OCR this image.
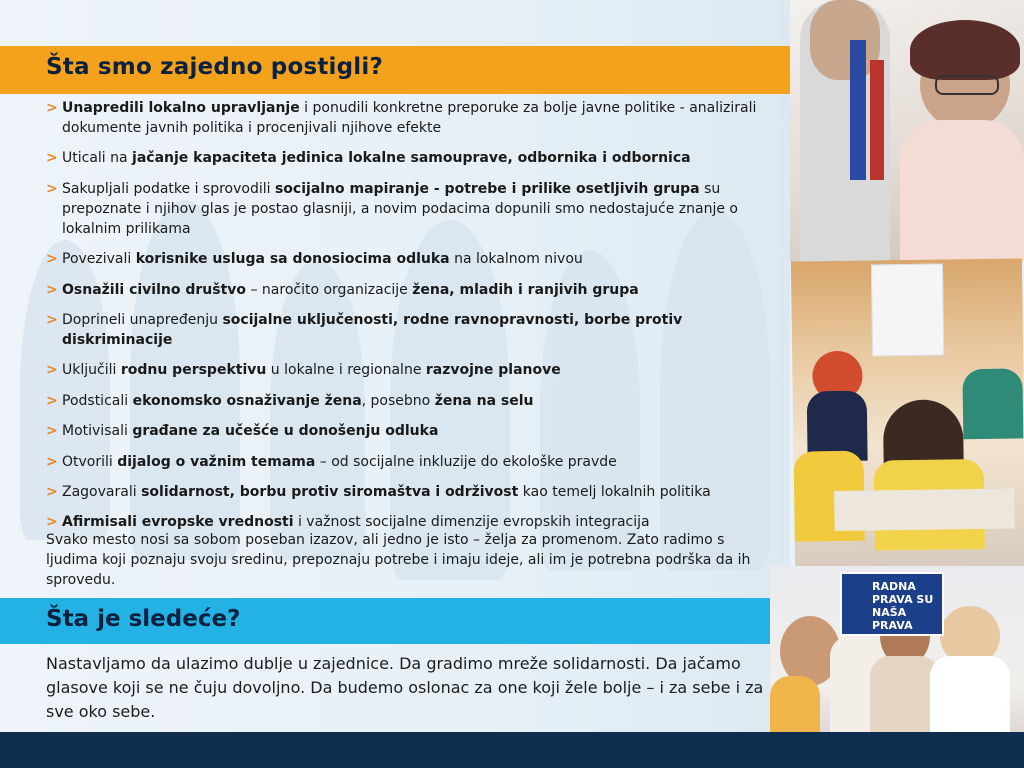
Šta smo zajedno postigli?
> Unapredili lokalno upravljanje i ponudili konkretne preporuke za bolje javne politike - analizirali dokumente javnih politika i procenjivali njihove efekte
> Uticali na jačanje kapaciteta jedinica lokalne samouprave, odbornika i odbornica
> Sakupljali podatke i sprovodili socijalno mapiranje - potrebe i prilike osetljivih grupa su prepoznate i njihov glas je postao glasniji, a novim podacima dopunili smo nedostajuće znanje o lokalnim prilikama
> Povezivali korisnike usluga sa donosiocima odluka na lokalnom nivou
> Osnažili civilno društvo – naročito organizacije žena, mladih i ranjivih grupa
> Doprineli unapređenju socijalne uključenosti, rodne ravnopravnosti, borbe protiv diskriminacije
> Uključili rodnu perspektivu u lokalne i regionalne razvojne planove
> Podsticali ekonomsko osnaživanje žena, posebno žena na selu
> Motivisali građane za učešće u donošenju odluka
> Otvorili dijalog o važnim temama – od socijalne inkluzije do ekološke pravde
> Zagovarali solidarnost, borbu protiv siromaštva i održivost kao temelj lokalnih politika
> Afirmisali evropske vrednosti i važnost socijalne dimenzije evropskih integracija
Svako mesto nosi sa sobom poseban izazov, ali jedno je isto – želja za promenom. Zato radimo s ljudima koji poznaju svoju sredinu, prepoznaju potrebe i imaju ideje, ali im je potrebna podrška da ih sprovedu.
Šta je sledeće?
Nastavljamo da ulazimo dublje u zajednice. Da gradimo mreže solidarnosti. Da jačamo glasove koji se ne čuju dovoljno. Da budemo oslonac za one koji žele bolje – i za sebe i za sve oko sebe.
RADNA PRAVA SU NAŠA PRAVA
